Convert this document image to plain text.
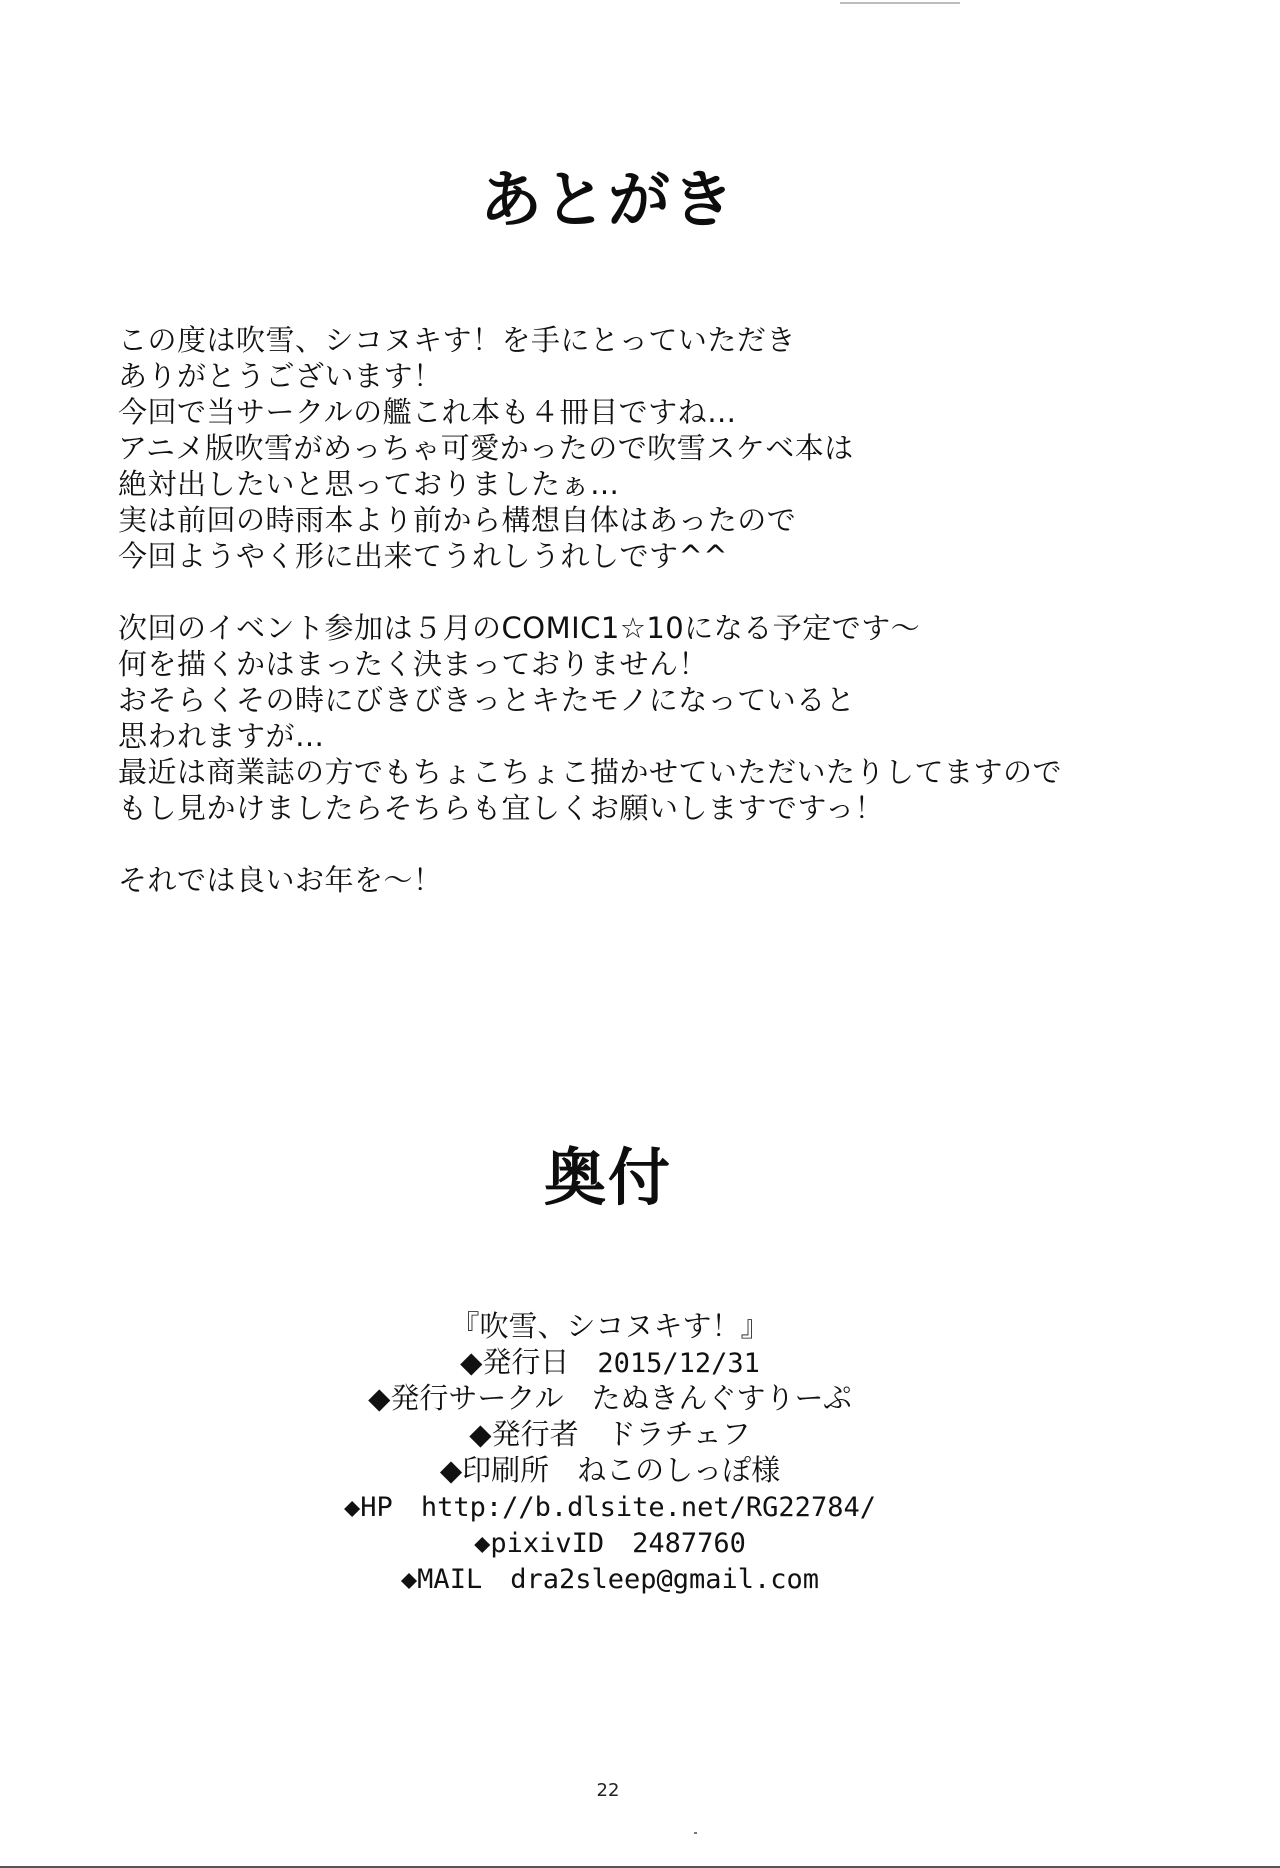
あとがき
この度は吹雪、シコヌキす！を手にとっていただき
ありがとうございます！
今回で当サークルの艦これ本も４冊目ですね…
アニメ版吹雪がめっちゃ可愛かったので吹雪スケベ本は
絶対出したいと思っておりましたぁ…
実は前回の時雨本より前から構想自体はあったので
今回ようやく形に出来てうれしうれしです^^
次回のイベント参加は５月のCOMIC1☆10になる予定です～
何を描くかはまったく決まっておりません！
おそらくその時にびきびきっとキたモノになっていると
思われますが…
最近は商業誌の方でもちょこちょこ描かせていただいたりしてますので
もし見かけましたらそちらも宜しくお願いしますですっ！
それでは良いお年を～！
奥付
『吹雪、シコヌキす！』
◆発行日 2015/12/31
◆発行サークル たぬきんぐすりーぷ
◆発行者 ドラチェフ
◆印刷所 ねこのしっぽ様
◆HP http://b.dlsite.net/RG22784/
◆pixivID 2487760
◆MAIL dra2sleep@gmail.com
22
